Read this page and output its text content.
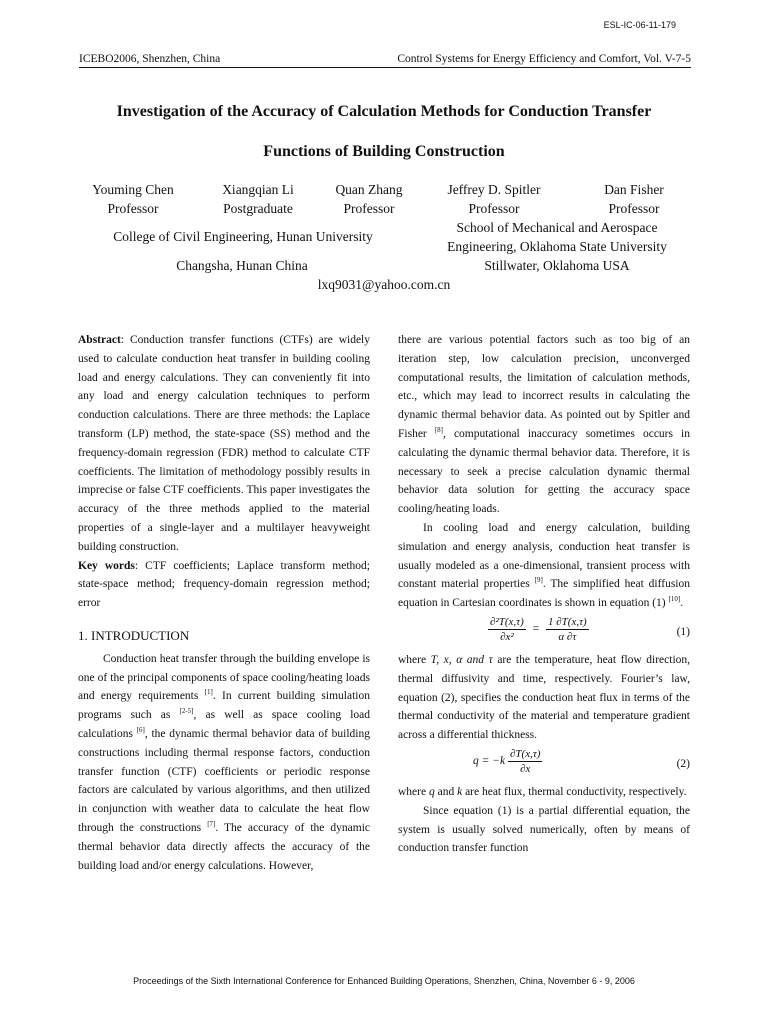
ESL-IC-06-11-179
ICEBO2006, Shenzhen, China	Control Systems for Energy Efficiency and Comfort, Vol. V-7-5
Investigation of the Accuracy of Calculation Methods for Conduction Transfer
Functions of Building Construction
Youming Chen
Professor
Xiangqian Li
Postgraduate
Quan Zhang
Professor
Jeffrey D. Spitler
Professor
Dan Fisher
Professor
College of Civil Engineering, Hunan University
Changsha, Hunan China
School of Mechanical and Aerospace
Engineering, Oklahoma State University
Stillwater, Oklahoma USA
lxq9031@yahoo.com.cn

Abstract: Conduction transfer functions (CTFs) are widely used to calculate conduction heat transfer in building cooling load and energy calculations. They can conveniently fit into any load and energy calculation techniques to perform conduction calculations. There are three methods: the Laplace transform (LP) method, the state-space (SS) method and the frequency-domain regression (FDR) method to calculate CTF coefficients. The limitation of methodology possibly results in imprecise or false CTF coefficients. This paper investigates the accuracy of the three methods applied to the material properties of a single-layer and a multilayer heavyweight building construction.

Key words: CTF coefficients; Laplace transform method; state-space method; frequency-domain regression method; error

1. INTRODUCTION

Conduction heat transfer through the building envelope is one of the principal components of space cooling/heating loads and energy requirements [1]. In current building simulation programs such as [2-5], as well as space cooling load calculations [6], the dynamic thermal behavior data of building constructions including thermal response factors, conduction transfer function (CTF) coefficients or periodic response factors are calculated by various algorithms, and then utilized in conjunction with weather data to calculate the heat flow through the constructions [7]. The accuracy of the dynamic thermal behavior data directly affects the accuracy of the building load and/or energy calculations. However,

there are various potential factors such as too big of an iteration step, low calculation precision, unconverged computational results, the limitation of calculation methods, etc., which may lead to incorrect results in calculating the dynamic thermal behavior data. As pointed out by Spitler and Fisher [8], computational inaccuracy sometimes occurs in calculating the dynamic thermal behavior data. Therefore, it is necessary to seek a precise calculation dynamic thermal behavior data solution for getting the accuracy space cooling/heating loads.

In cooling load and energy calculation, building simulation and energy analysis, conduction heat transfer is usually modeled as a one-dimensional, transient process with constant material properties [9]. The simplified heat diffusion equation in Cartesian coordinates is shown in equation (1) [10].

$\frac{\text{∂²T(x,τ)}}{\text{∂x²}} = \frac{1 \partial T(x,\tau)}{\alpha \partial\tau}$	(1)

where T, x, α and τ are the temperature, heat flow direction, thermal diffusivity and time, respectively. Fourier’s law, equation (2), specifies the conduction heat flux in terms of the thermal conductivity of the material and temperature gradient across a differential thickness.

$q = -k \frac{\partial T(x,\tau)}{\partial x}$	(2)

where q and k are heat flux, thermal conductivity, respectively.

Since equation (1) is a partial differential equation, the system is usually solved numerically, often by means of conduction transfer function

Proceedings of the Sixth International Conference for Enhanced Building Operations, Shenzhen, China, November 6 - 9, 2006
